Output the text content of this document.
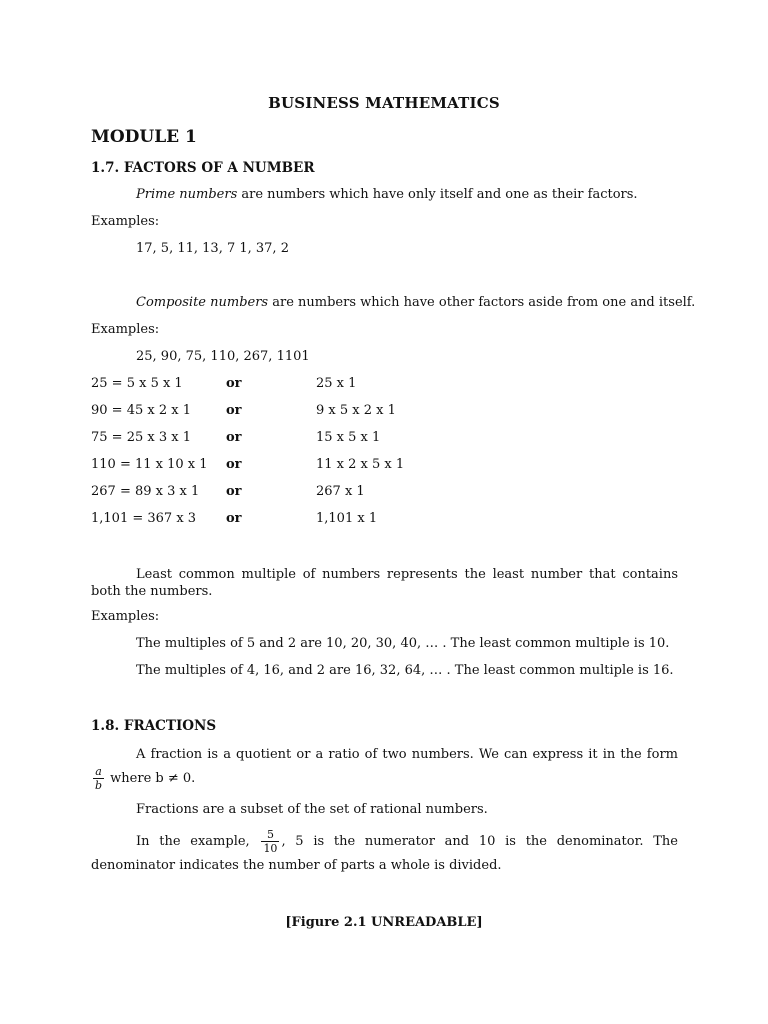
BUSINESS MATHEMATICS
MODULE 1
1.7. FACTORS OF A NUMBER
Prime numbers are numbers which have only itself and one as their factors.
Examples:
17, 5, 11, 13, 7 1, 37, 2
Composite numbers are numbers which have other factors aside from one and itself.
Examples:
25, 90, 75, 110, 267, 1101
25 = 5 x 5 x 1	or	25 x 1
90 = 45 x 2 x 1	or	9 x 5 x 2 x 1
75 = 25 x 3 x 1	or	15 x 5 x 1
110 = 11 x 10 x 1 or	11 x 2 x 5 x 1
267 = 89 x 3 x 1 or	267 x 1
1,101 = 367 x 3 or	1,101 x 1
Least common multiple of numbers represents the least number that contains both the numbers.
Examples:
The multiples of 5 and 2 are 10, 20, 30, 40, … . The least common multiple is 10.
The multiples of 4, 16, and 2 are 16, 32, 64, … . The least common multiple is 16.
1.8. FRACTIONS
A fraction is a quotient or a ratio of two numbers. We can express it in the form
$\frac{a}{b}$ where b ≠ 0.
Fractions are a subset of the set of rational numbers.
In the example, $\frac{5}{10}$ , 5 is the numerator and 10 is the denominator. The denominator indicates the number of parts a whole is divided.
[Figure 2.1 UNREADABLE]
